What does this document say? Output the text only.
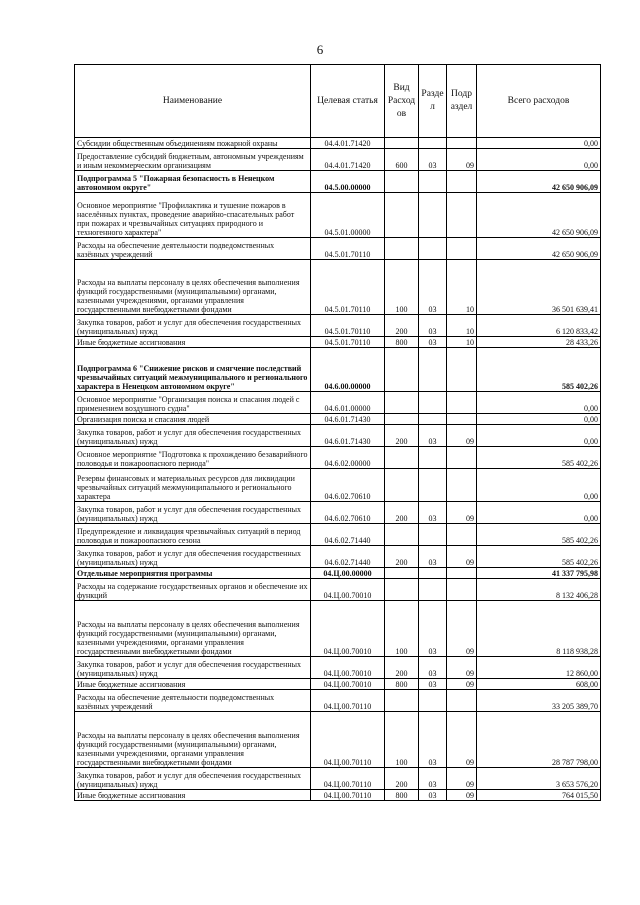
6
Наименование	Целевая статья	Вид Расход ов	Разде л	Подр аздел	Всего расходов
Субсидии общественным объединениям пожарной охраны	04.4.01.71420				0,00
Предоставление субсидий бюджетным, автономным учреждениям и иным некоммерческим организациям	04.4.01.71420	600	03	09	0,00
Подпрограмма 5 "Пожарная безопасность в Ненецком автономном округе"	04.5.00.00000				42 650 906,09
Основное мероприятие "Профилактика и тушение пожаров в населённых пунктах, проведение аварийно-спасательных работ при пожарах и чрезвычайных ситуациях природного и техногенного характера"	04.5.01.00000				42 650 906,09
Расходы на обеспечение деятельности подведомственных казённых учреждений	04.5.01.70110				42 650 906,09
Расходы на выплаты персоналу в целях обеспечения выполнения функций государственными (муниципальными) органами, казенными учреждениями, органами управления государственными внебюджетными фондами	04.5.01.70110	100	03	10	36 501 639,41
Закупка товаров, работ и услуг для обеспечения государственных (муниципальных) нужд	04.5.01.70110	200	03	10	6 120 833,42
Иные бюджетные ассигнования	04.5.01.70110	800	03	10	28 433,26
Подпрограмма 6 "Снижение рисков и смягчение последствий чрезвычайных ситуаций межмуниципального и регионального характера в Ненецком автономном округе"	04.6.00.00000				585 402,26
Основное мероприятие "Организация поиска и спасания людей с применением воздушного судна"	04.6.01.00000				0,00
Организация поиска и спасания людей	04.6.01.71430				0,00
Закупка товаров, работ и услуг для обеспечения государственных (муниципальных) нужд	04.6.01.71430	200	03	09	0,00
Основное мероприятие "Подготовка к прохождению безаварийного половодья и пожароопасного периода"	04.6.02.00000				585 402,26
Резервы финансовых и материальных ресурсов для ликвидации чрезвычайных ситуаций межмуниципального и регионального характера	04.6.02.70610				0,00
Закупка товаров, работ и услуг для обеспечения государственных (муниципальных) нужд	04.6.02.70610	200	03	09	0,00
Предупреждение и ликвидация чрезвычайных ситуаций в период половодья и пожароопасного сезона	04.6.02.71440				585 402,26
Закупка товаров, работ и услуг для обеспечения государственных (муниципальных) нужд	04.6.02.71440	200	03	09	585 402,26
Отдельные мероприятия программы	04.Ц.00.00000				41 337 795,98
Расходы на содержание государственных органов и обеспечение их функций	04.Ц.00.70010				8 132 406,28
Расходы на выплаты персоналу в целях обеспечения выполнения функций государственными (муниципальными) органами, казенными учреждениями, органами управления государственными внебюджетными фондами	04.Ц.00.70010	100	03	09	8 118 938,28
Закупка товаров, работ и услуг для обеспечения государственных (муниципальных) нужд	04.Ц.00.70010	200	03	09	12 860,00
Иные бюджетные ассигнования	04.Ц.00.70010	800	03	09	608,00
Расходы на обеспечение деятельности подведомственных казённых учреждений	04.Ц.00.70110				33 205 389,70
Расходы на выплаты персоналу в целях обеспечения выполнения функций государственными (муниципальными) органами, казенными учреждениями, органами управления государственными внебюджетными фондами	04.Ц.00.70110	100	03	09	28 787 798,00
Закупка товаров, работ и услуг для обеспечения государственных (муниципальных) нужд	04.Ц.00.70110	200	03	09	3 653 576,20
Иные бюджетные ассигнования	04.Ц.00.70110	800	03	09	764 015,50
